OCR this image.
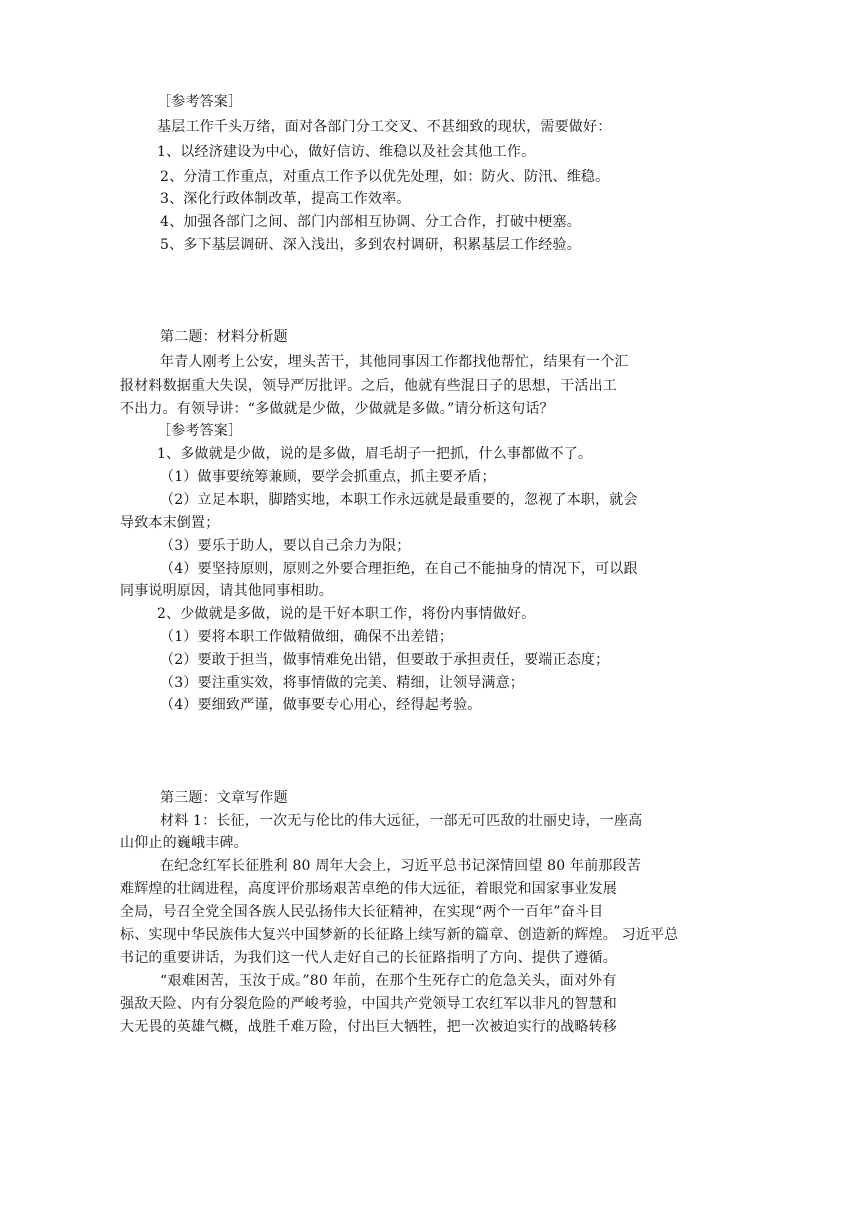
［参考答案］
基层工作千头万绪，面对各部门分工交叉、不甚细致的现状，需要做好：
1、以经济建设为中心，做好信访、维稳以及社会其他工作。
2、分清工作重点，对重点工作予以优先处理，如：防火、防汛、维稳。
3、深化行政体制改革，提高工作效率。
4、加强各部门之间、部门内部相互协调、分工合作，打破中梗塞。
5、多下基层调研、深入浅出，多到农村调研，积累基层工作经验。
第二题：材料分析题
年青人刚考上公安，埋头苦干，其他同事因工作都找他帮忙，结果有一个汇
报材料数据重大失误，领导严厉批评。之后，他就有些混日子的思想，干活出工
不出力。有领导讲：“多做就是少做，少做就是多做。”请分析这句话？
［参考答案］
1、多做就是少做，说的是多做，眉毛胡子一把抓，什么事都做不了。
（1）做事要统筹兼顾，要学会抓重点，抓主要矛盾；
（2）立足本职，脚踏实地，本职工作永远就是最重要的，忽视了本职，就会
导致本末倒置；
（3）要乐于助人，要以自己余力为限；
（4）要坚持原则，原则之外要合理拒绝，在自己不能抽身的情况下，可以跟
同事说明原因，请其他同事相助。
2、少做就是多做，说的是干好本职工作，将份内事情做好。
（1）要将本职工作做精做细，确保不出差错；
（2）要敢于担当，做事情难免出错，但要敢于承担责任，要端正态度；
（3）要注重实效，将事情做的完美、精细，让领导满意；
（4）要细致严谨，做事要专心用心，经得起考验。
第三题：文章写作题
材料 1：长征，一次无与伦比的伟大远征，一部无可匹敌的壮丽史诗，一座高
山仰止的巍峨丰碑。
在纪念红军长征胜利 80 周年大会上，习近平总书记深情回望 80 年前那段苦
难辉煌的壮阔进程，高度评价那场艰苦卓绝的伟大远征，着眼党和国家事业发展
全局，号召全党全国各族人民弘扬伟大长征精神，在实现“两个一百年”奋斗目
标、实现中华民族伟大复兴中国梦新的长征路上续写新的篇章、创造新的辉煌。 习近平总
书记的重要讲话，为我们这一代人走好自己的长征路指明了方向、提供了遵循。
“艰难困苦，玉汝于成。”80 年前，在那个生死存亡的危急关头，面对外有
强敌天险、内有分裂危险的严峻考验，中国共产党领导工农红军以非凡的智慧和
大无畏的英雄气概，战胜千难万险，付出巨大牺牲，把一次被迫实行的战略转移
